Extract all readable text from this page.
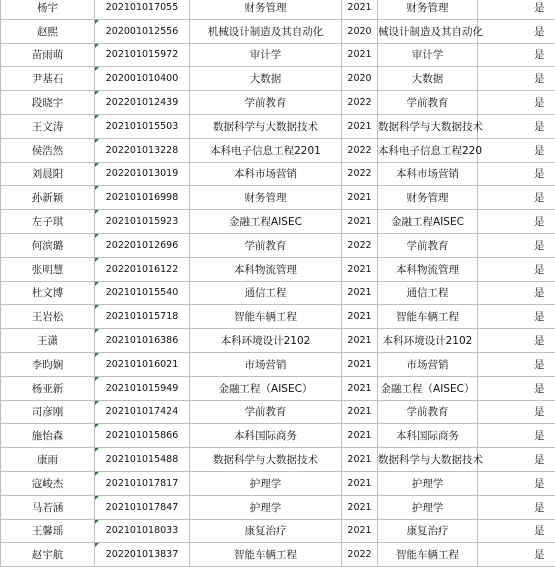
杨宇	202101017055	财务管理	2021	财务管理	是
赵熙	202001012556	机械设计制造及其自动化	2020	械设计制造及其自动化	是
苗雨萌	202101015972	审计学	2021	审计学	是
尹基石	202001010400	大数据	2020	大数据	是
段晓宇	202201012439	学前教育	2022	学前教育	是
王文涛	202101015503	数据科学与大数据技术	2021	数据科学与大数据技术	是
侯浩然	202201013228	本科电子信息工程2201	2022	本科电子信息工程220	是
刘晨阳	202201013019	本科市场营销	2022	本科市场营销	是
孙新颖	202101016998	财务管理	2021	财务管理	是
左子琪	202101015923	金融工程AISEC	2021	金融工程AISEC	是
何滨璐	202201012696	学前教育	2022	学前教育	是
张明慧	202201016122	本科物流管理	2021	本科物流管理	是
杜文博	202101015540	通信工程	2021	通信工程	是
王岩松	202101015718	智能车辆工程	2021	智能车辆工程	是
王潇	202101016386	本科环境设计2102	2021	本科环境设计2102	是
李昀娴	202101016021	市场营销	2021	市场营销	是
杨亚新	202101015949	金融工程（AISEC）	2021	金融工程（AISEC）	是
司彦刚	202101017424	学前教育	2021	学前教育	是
施怡森	202101015866	本科国际商务	2021	本科国际商务	是
康雨	202101015488	数据科学与大数据技术	2021	数据科学与大数据技术	是
寇峻杰	202101017817	护理学	2021	护理学	是
马若涵	202101017847	护理学	2021	护理学	是
王馨瑶	202101018033	康复治疗	2021	康复治疗	是
赵宇航	202201013837	智能车辆工程	2022	智能车辆工程	是
